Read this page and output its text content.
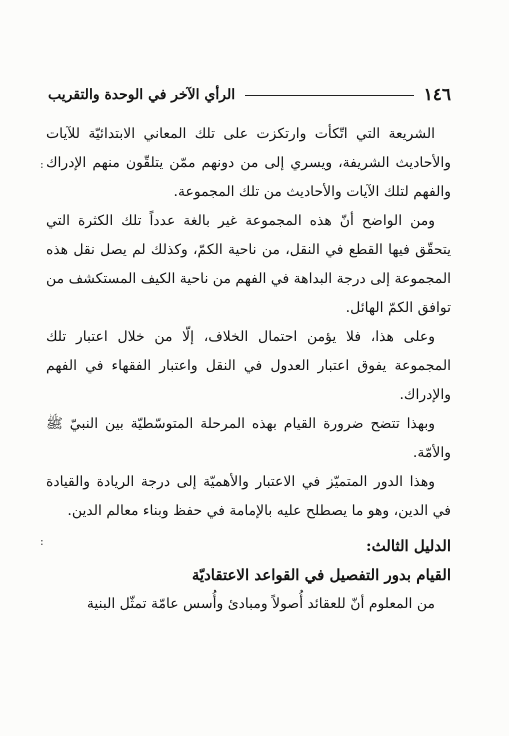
١٤٦
الرأي الآخر في الوحدة والتقريب
:
:

الشريعة التي اتّكأت وارتكزت على تلك المعاني الابتدائيّة للآيات والأحاديث الشريفة، ويسري إلى من دونهم ممّن يتلقّون منهم الإدراك والفهم لتلك الآيات والأحاديث من تلك المجموعة.

ومن الواضح أنّ هذه المجموعة غير بالغة عدداً تلك الكثرة التي يتحقّق فيها القطع في النقل، من ناحية الكمّ، وكذلك لم يصل نقل هذه المجموعة إلى درجة البداهة في الفهم من ناحية الكيف المستكشف من توافق الكمّ الهائل.

وعلى هذا، فلا يؤمن احتمال الخلاف، إلّا من خلال اعتبار تلك المجموعة يفوق اعتبار العدول في النقل واعتبار الفقهاء في الفهم والإدراك.

وبهذا تتضح ضرورة القيام بهذه المرحلة المتوسّطيّة بين النبيّ ﷺ والأمّة.

وهذا الدور المتميّز في الاعتبار والأهميّة إلى درجة الريادة والقيادة في الدين، وهو ما يصطلح عليه بالإمامة في حفظ وبناء معالم الدين.

الدليل الثالث:

القيام بدور التفصيل في القواعد الاعتقاديّة

من المعلوم أنّ للعقائد أُصولاً ومبادئ وأُسس عامّة تمثّل البنية
